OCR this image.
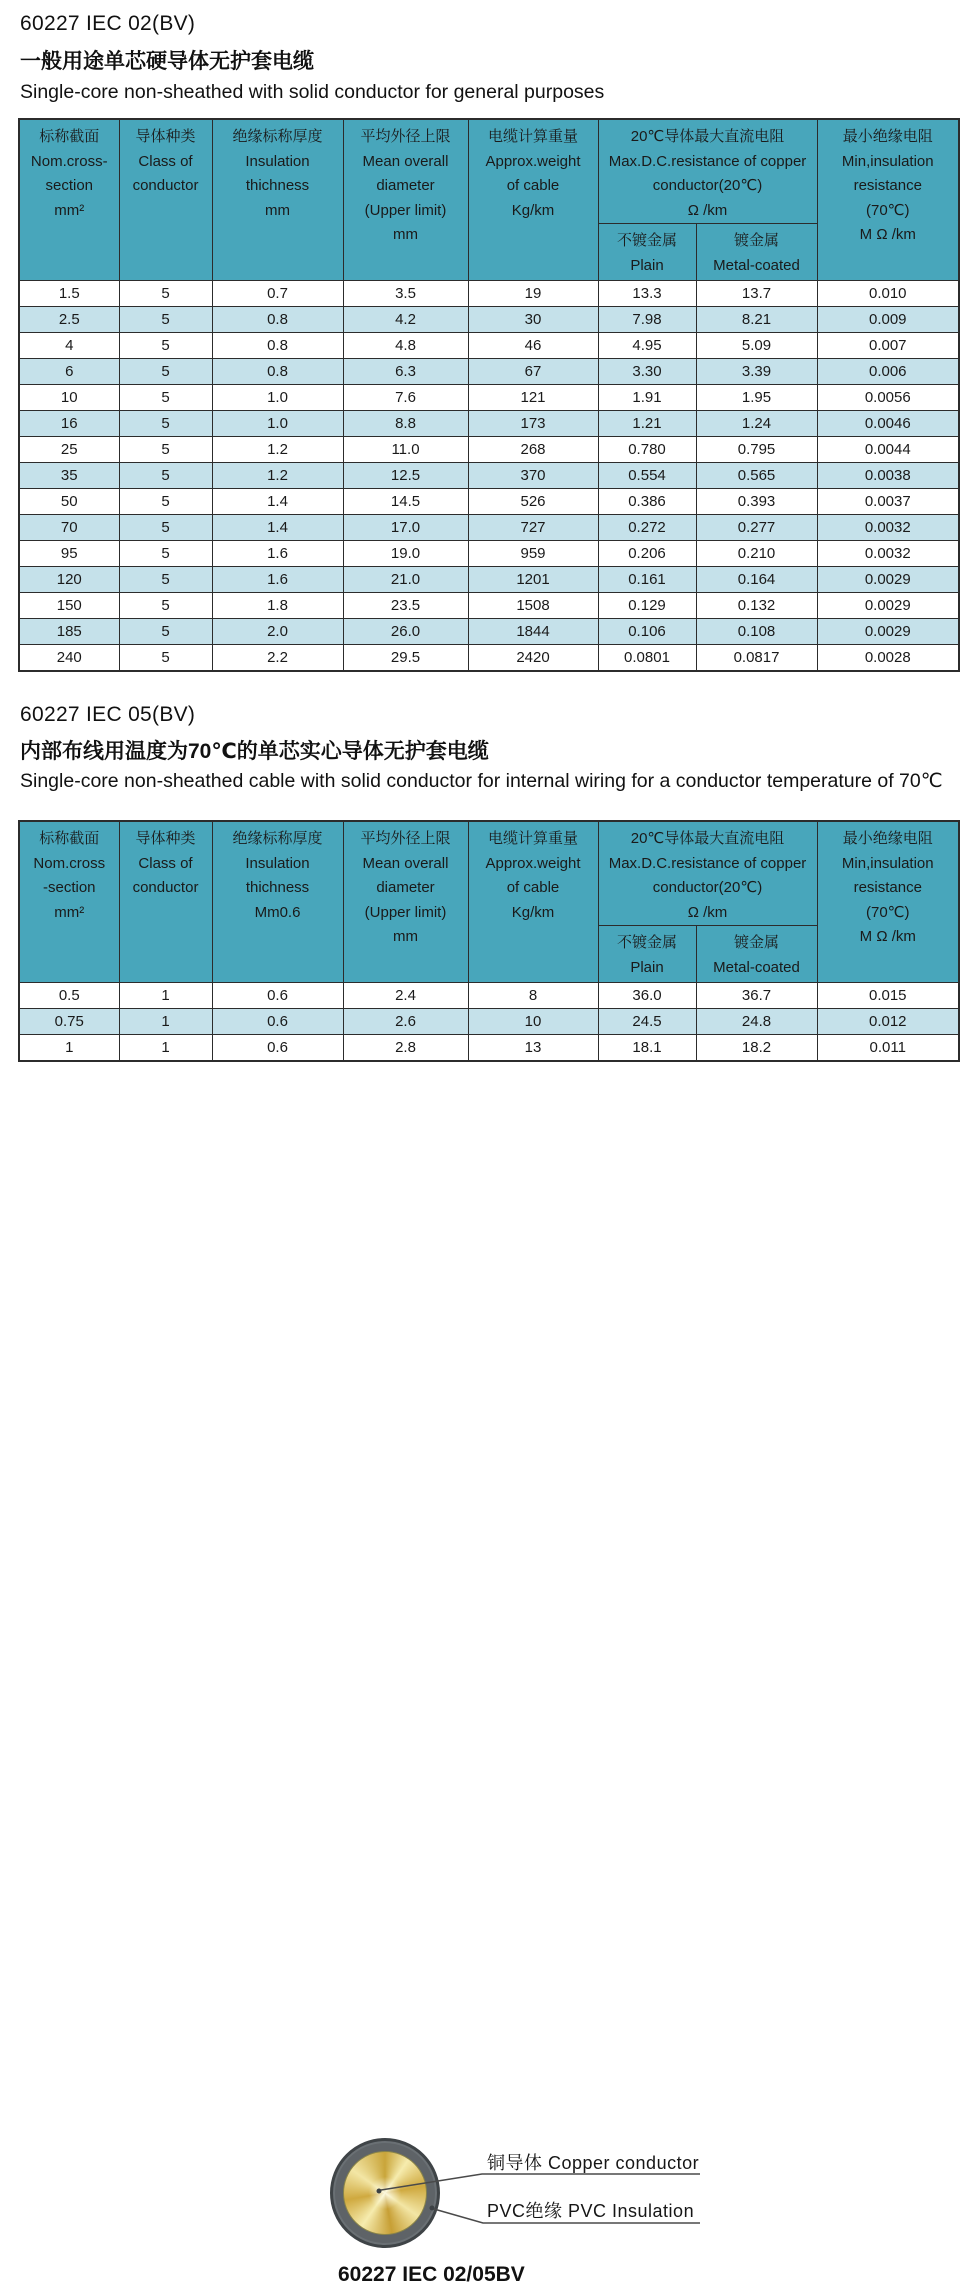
60227 IEC 02(BV)
一般用途单芯硬导体无护套电缆
Single-core non-sheathed with solid conductor for general purposes
标称截面
Nom.cross-
section
mm²

导体种类
Class of
conductor

绝缘标称厚度
Insulation
thichness
mm

平均外径上限
Mean overall
diameter
(Upper limit)
mm

电缆计算重量
Approx.weight
of cable
Kg/km

20℃导体最大直流电阻
Max.D.C.resistance of copper
conductor(20℃)
Ω /km

最小绝缘电阻
Min,insulation
resistance
(70℃)
M Ω /km

不镀金属
Plain

镀金属
Metal-coated

1.5	5	0.7	3.5	19	13.3	13.7	0.010
2.5	5	0.8	4.2	30	7.98	8.21	0.009
4	5	0.8	4.8	46	4.95	5.09	0.007
6	5	0.8	6.3	67	3.30	3.39	0.006
10	5	1.0	7.6	121	1.91	1.95	0.0056
16	5	1.0	8.8	173	1.21	1.24	0.0046
25	5	1.2	11.0	268	0.780	0.795	0.0044
35	5	1.2	12.5	370	0.554	0.565	0.0038
50	5	1.4	14.5	526	0.386	0.393	0.0037
70	5	1.4	17.0	727	0.272	0.277	0.0032
95	5	1.6	19.0	959	0.206	0.210	0.0032
120	5	1.6	21.0	1201	0.161	0.164	0.0029
150	5	1.8	23.5	1508	0.129	0.132	0.0029
185	5	2.0	26.0	1844	0.106	0.108	0.0029
240	5	2.2	29.5	2420	0.0801	0.0817	0.0028
60227 IEC 05(BV)
内部布线用温度为70℃的单芯实心导体无护套电缆
Single-core non-sheathed cable with solid conductor for internal wiring for a conductor temperature of 70℃
标称截面
Nom.cross
-section
mm²

导体种类
Class of
conductor

绝缘标称厚度
Insulation
thichness
Mm0.6

平均外径上限
Mean overall
diameter
(Upper limit)
mm

电缆计算重量
Approx.weight
of cable
Kg/km

20℃导体最大直流电阻
Max.D.C.resistance of copper
conductor(20℃)
Ω /km

最小绝缘电阻
Min,insulation
resistance
(70℃)
M Ω /km

不镀金属
Plain

镀金属
Metal-coated

0.5	1	0.6	2.4	8	36.0	36.7	0.015
0.75	1	0.6	2.6	10	24.5	24.8	0.012
1	1	0.6	2.8	13	18.1	18.2	0.011
铜导体 Copper conductor
PVC绝缘 PVC Insulation
60227 IEC 02/05BV
